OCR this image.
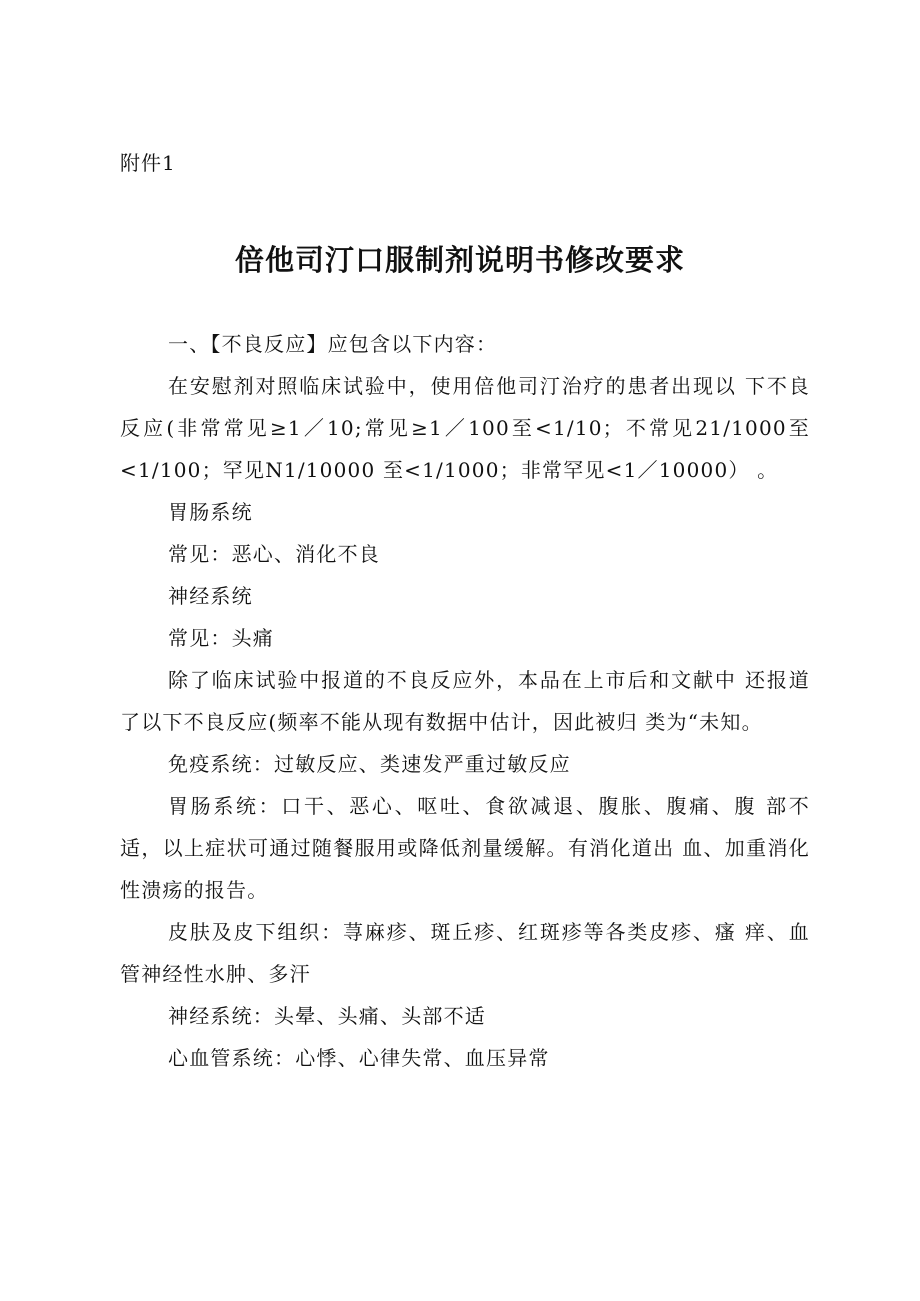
附件1
倍他司汀口服制剂说明书修改要求

一、【不良反应】应包含以下内容：

在安慰剂对照临床试验中，使用倍他司汀治疗的患者出现以 下不良反应(非常常见≥1／10;常见≥1／100至<1/10；不常见21/1000至<1/100；罕见N1/10000 至<1/1000；非常罕见<1／10000） 。

胃肠系统

常见：恶心、消化不良

神经系统

常见：头痛

除了临床试验中报道的不良反应外，本品在上市后和文献中 还报道了以下不良反应(频率不能从现有数据中估计，因此被归 类为“未知。

免疫系统：过敏反应、类速发严重过敏反应

胃肠系统：口干、恶心、呕吐、食欲减退、腹胀、腹痛、腹 部不适，以上症状可通过随餐服用或降低剂量缓解。有消化道出 血、加重消化性溃疡的报告。

皮肤及皮下组织：荨麻疹、斑丘疹、红斑疹等各类皮疹、瘙 痒、血管神经性水肿、多汗

神经系统：头晕、头痛、头部不适

心血管系统：心悸、心律失常、血压异常
